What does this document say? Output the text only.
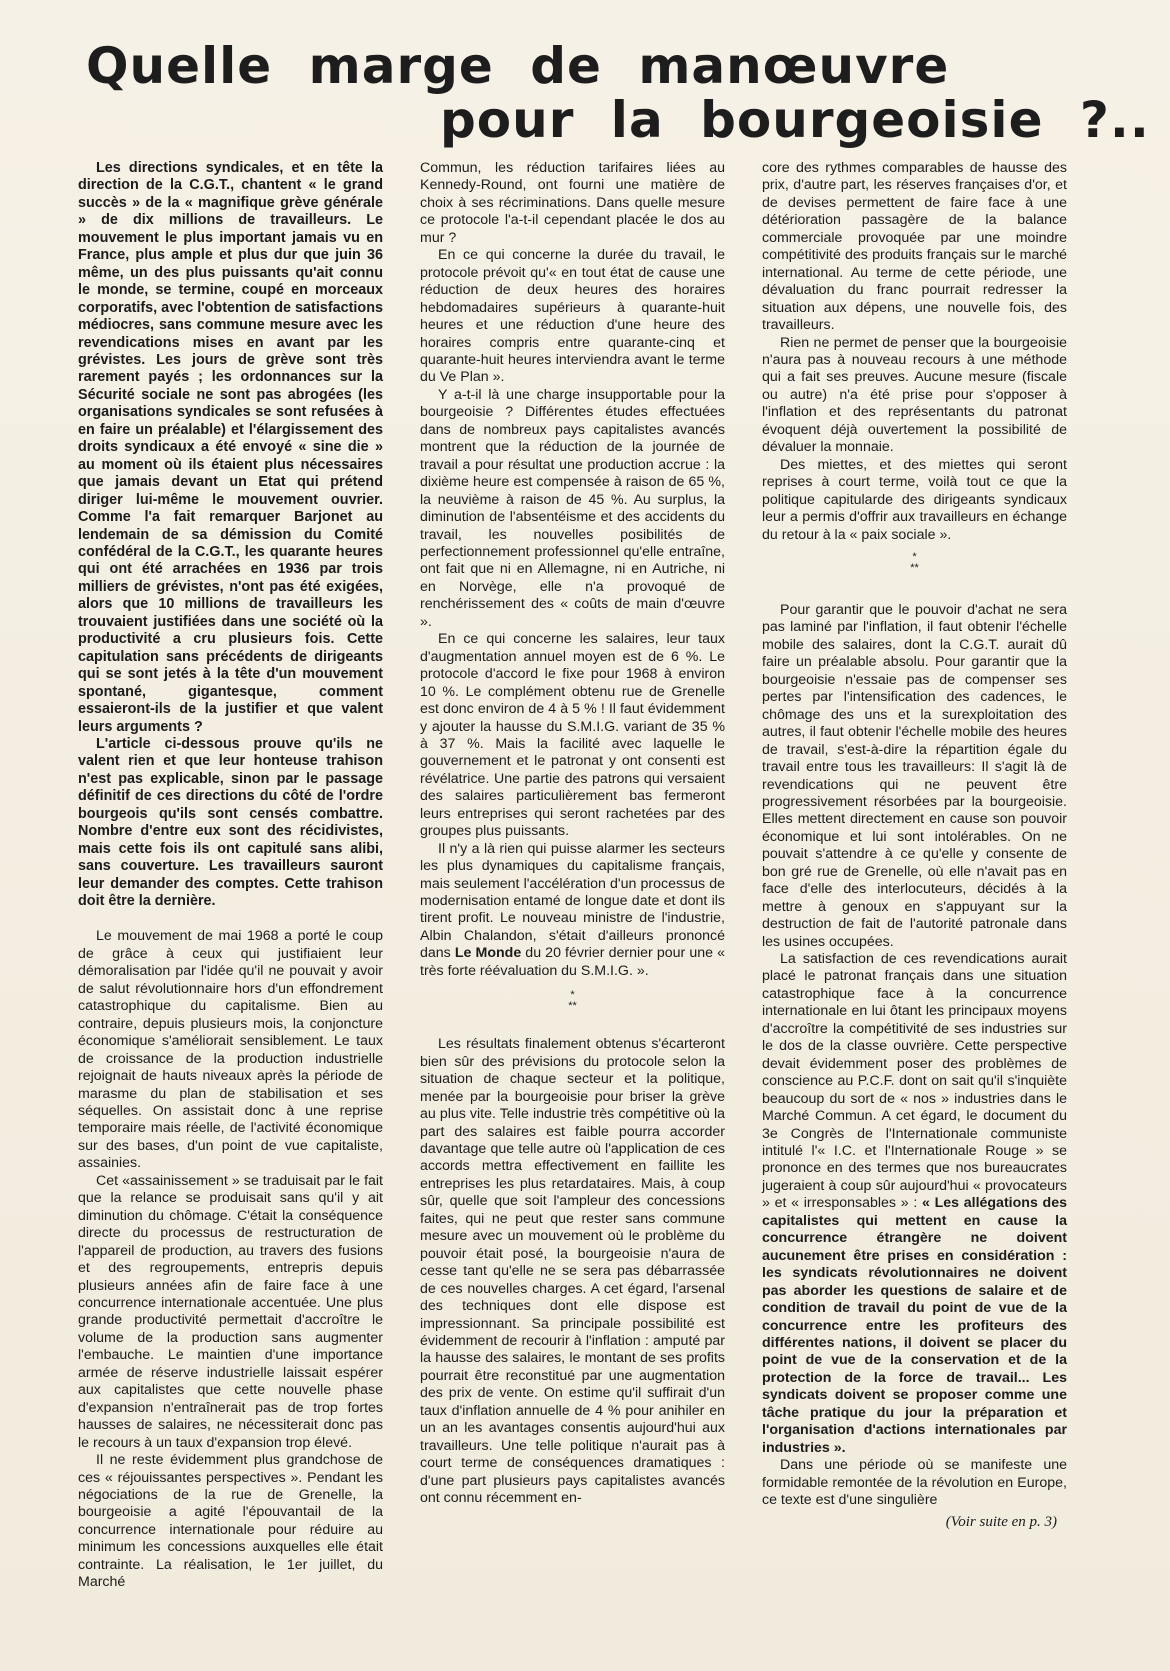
Quelle marge de manœuvre
pour la bourgeoisie ?..

Les directions syndicales, et en tête la direction de la C.G.T., chantent « le grand succès » de la « magnifique grève générale » de dix millions de travailleurs. Le mouvement le plus important jamais vu en France, plus ample et plus dur que juin 36 même, un des plus puissants qu'ait connu le monde, se termine, coupé en morceaux corporatifs, avec l'obtention de satisfactions médiocres, sans commune mesure avec les revendications mises en avant par les grévistes. Les jours de grève sont très rarement payés ; les ordonnances sur la Sécurité sociale ne sont pas abrogées (les organisations syndicales se sont refusées à en faire un préalable) et l'élargissement des droits syndicaux a été envoyé « sine die » au moment où ils étaient plus nécessaires que jamais devant un Etat qui prétend diriger lui-même le mouvement ouvrier. Comme l'a fait remarquer Barjonet au lendemain de sa démission du Comité confédéral de la C.G.T., les quarante heures qui ont été arrachées en 1936 par trois milliers de grévistes, n'ont pas été exigées, alors que 10 millions de travailleurs les trouvaient justifiées dans une société où la productivité a cru plusieurs fois. Cette capitulation sans précédents de dirigeants qui se sont jetés à la tête d'un mouvement spontané, gigantesque, comment essaieront-ils de la justifier et que valent leurs arguments ?

L'article ci-dessous prouve qu'ils ne valent rien et que leur honteuse trahison n'est pas explicable, sinon par le passage définitif de ces directions du côté de l'ordre bourgeois qu'ils sont censés combattre. Nombre d'entre eux sont des récidivistes, mais cette fois ils ont capitulé sans alibi, sans couverture. Les travailleurs sauront leur demander des comptes. Cette trahison doit être la dernière.

Le mouvement de mai 1968 a porté le coup de grâce à ceux qui justifiaient leur démoralisation par l'idée qu'il ne pouvait y avoir de salut révolutionnaire hors d'un effondrement catastrophique du capitalisme. Bien au contraire, depuis plusieurs mois, la conjoncture économique s'améliorait sensiblement. Le taux de croissance de la production industrielle rejoignait de hauts niveaux après la période de marasme du plan de stabilisation et ses séquelles. On assistait donc à une reprise temporaire mais réelle, de l'activité économique sur des bases, d'un point de vue capitaliste, assainies.

Cet «assainissement » se traduisait par le fait que la relance se produisait sans qu'il y ait diminution du chômage. C'était la conséquence directe du processus de restructuration de l'appareil de production, au travers des fusions et des regroupements, entrepris depuis plusieurs années afin de faire face à une concurrence internationale accentuée. Une plus grande productivité permettait d'accroître le volume de la production sans augmenter l'embauche. Le maintien d'une importance armée de réserve industrielle laissait espérer aux capitalistes que cette nouvelle phase d'expansion n'entraînerait pas de trop fortes hausses de salaires, ne nécessiterait donc pas le recours à un taux d'expansion trop élevé.

Il ne reste évidemment plus grandchose de ces « réjouissantes perspectives ». Pendant les négociations de la rue de Grenelle, la bourgeoisie a agité l'épouvantail de la concurrence internationale pour réduire au minimum les concessions auxquelles elle était contrainte. La réalisation, le 1er juillet, du Marché

Commun, les réduction tarifaires liées au Kennedy-Round, ont fourni une matière de choix à ses récriminations. Dans quelle mesure ce protocole l'a-t-il cependant placée le dos au mur ?

En ce qui concerne la durée du travail, le protocole prévoit qu'« en tout état de cause une réduction de deux heures des horaires hebdomadaires supérieurs à quarante-huit heures et une réduction d'une heure des horaires compris entre quarante-cinq et quarante-huit heures interviendra avant le terme du Ve Plan ».

Y a-t-il là une charge insupportable pour la bourgeoisie ? Différentes études effectuées dans de nombreux pays capitalistes avancés montrent que la réduction de la journée de travail a pour résultat une production accrue : la dixième heure est compensée à raison de 65 %, la neuvième à raison de 45 %. Au surplus, la diminution de l'absentéisme et des accidents du travail, les nouvelles posibilités de perfectionnement professionnel qu'elle entraîne, ont fait que ni en Allemagne, ni en Autriche, ni en Norvège, elle n'a provoqué de renchérissement des « coûts de main d'œuvre ».

En ce qui concerne les salaires, leur taux d'augmentation annuel moyen est de 6 %. Le protocole d'accord le fixe pour 1968 à environ 10 %. Le complément obtenu rue de Grenelle est donc environ de 4 à 5 % ! Il faut évidemment y ajouter la hausse du S.M.I.G. variant de 35 % à 37 %. Mais la facilité avec laquelle le gouvernement et le patronat y ont consenti est révélatrice. Une partie des patrons qui versaient des salaires particulièrement bas fermeront leurs entreprises qui seront rachetées par des groupes plus puissants.

Il n'y a là rien qui puisse alarmer les secteurs les plus dynamiques du capitalisme français, mais seulement l'accélération d'un processus de modernisation entamé de longue date et dont ils tirent profit. Le nouveau ministre de l'industrie, Albin Chalandon, s'était d'ailleurs prononcé dans Le Monde du 20 février dernier pour une « très forte réévaluation du S.M.I.G. ».

*
**

Les résultats finalement obtenus s'écarteront bien sûr des prévisions du protocole selon la situation de chaque secteur et la politique, menée par la bourgeoisie pour briser la grève au plus vite. Telle industrie très compétitive où la part des salaires est faible pourra accorder davantage que telle autre où l'application de ces accords mettra effectivement en faillite les entreprises les plus retardataires. Mais, à coup sûr, quelle que soit l'ampleur des concessions faites, qui ne peut que rester sans commune mesure avec un mouvement où le problème du pouvoir était posé, la bourgeoisie n'aura de cesse tant qu'elle ne se sera pas débarrassée de ces nouvelles charges. A cet égard, l'arsenal des techniques dont elle dispose est impressionnant. Sa principale possibilité est évidemment de recourir à l'inflation : amputé par la hausse des salaires, le montant de ses profits pourrait être reconstitué par une augmentation des prix de vente. On estime qu'il suffirait d'un taux d'inflation annuelle de 4 % pour anihiler en un an les avantages consentis aujourd'hui aux travailleurs. Une telle politique n'aurait pas à court terme de conséquences dramatiques : d'une part plusieurs pays capitalistes avancés ont connu récemment en-

core des rythmes comparables de hausse des prix, d'autre part, les réserves françaises d'or, et de devises permettent de faire face à une détérioration passagère de la balance commerciale provoquée par une moindre compétitivité des produits français sur le marché international. Au terme de cette période, une dévaluation du franc pourrait redresser la situation aux dépens, une nouvelle fois, des travailleurs.

Rien ne permet de penser que la bourgeoisie n'aura pas à nouveau recours à une méthode qui a fait ses preuves. Aucune mesure (fiscale ou autre) n'a été prise pour s'opposer à l'inflation et des représentants du patronat évoquent déjà ouvertement la possibilité de dévaluer la monnaie.

Des miettes, et des miettes qui seront reprises à court terme, voilà tout ce que la politique capitularde des dirigeants syndicaux leur a permis d'offrir aux travailleurs en échange du retour à la « paix sociale ».

*
**

Pour garantir que le pouvoir d'achat ne sera pas laminé par l'inflation, il faut obtenir l'échelle mobile des salaires, dont la C.G.T. aurait dû faire un préalable absolu. Pour garantir que la bourgeoisie n'essaie pas de compenser ses pertes par l'intensification des cadences, le chômage des uns et la surexploitation des autres, il faut obtenir l'échelle mobile des heures de travail, s'est-à-dire la répartition égale du travail entre tous les travailleurs: Il s'agit là de revendications qui ne peuvent être progressivement résorbées par la bourgeoisie. Elles mettent directement en cause son pouvoir économique et lui sont intolérables. On ne pouvait s'attendre à ce qu'elle y consente de bon gré rue de Grenelle, où elle n'avait pas en face d'elle des interlocuteurs, décidés à la mettre à genoux en s'appuyant sur la destruction de fait de l'autorité patronale dans les usines occupées.

La satisfaction de ces revendications aurait placé le patronat français dans une situation catastrophique face à la concurrence internationale en lui ôtant les principaux moyens d'accroître la compétitivité de ses industries sur le dos de la classe ouvrière. Cette perspective devait évidemment poser des problèmes de conscience au P.C.F. dont on sait qu'il s'inquiète beaucoup du sort de « nos » industries dans le Marché Commun. A cet égard, le document du 3e Congrès de l'Internationale communiste intitulé l'« I.C. et l'Internationale Rouge » se prononce en des termes que nos bureaucrates jugeraient à coup sûr aujourd'hui « provocateurs » et « irresponsables » : « Les allégations des capitalistes qui mettent en cause la concurrence étrangère ne doivent aucunement être prises en considération : les syndicats révolutionnaires ne doivent pas aborder les questions de salaire et de condition de travail du point de vue de la concurrence entre les profiteurs des différentes nations, il doivent se placer du point de vue de la conservation et de la protection de la force de travail... Les syndicats doivent se proposer comme une tâche pratique du jour la préparation et l'organisation d'actions internationales par industries ».

Dans une période où se manifeste une formidable remontée de la révolution en Europe, ce texte est d'une singulière

(Voir suite en p. 3)
